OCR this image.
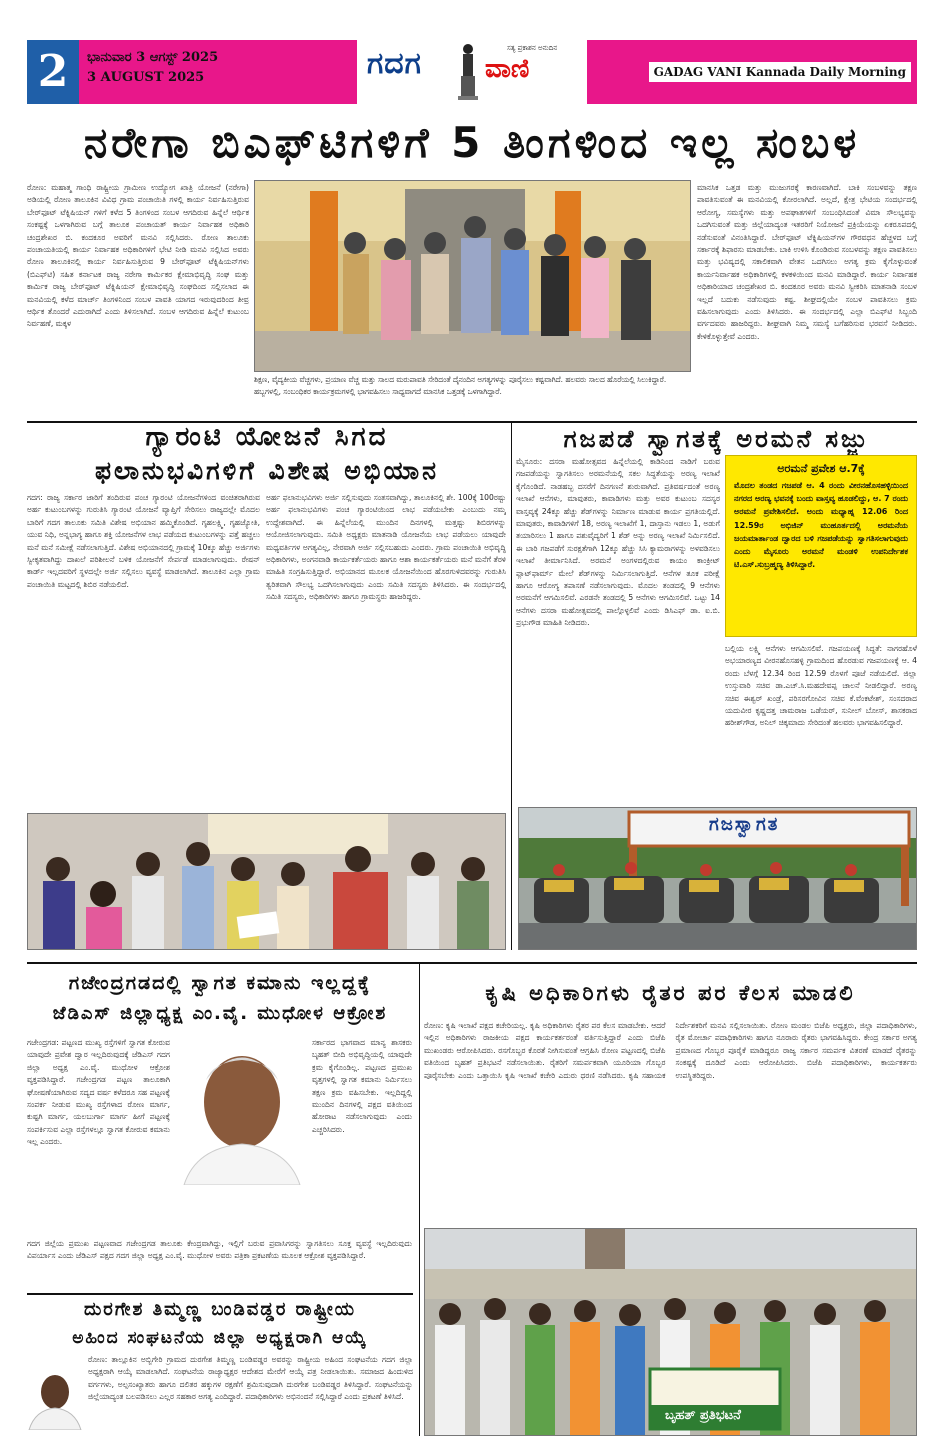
2	ಭಾನುವಾರ 3 ಆಗಸ್ಟ್ 2025
3 AUGUST 2025	ಗದಗ	ಸತ್ಯ ಪ್ರಕಾಶನ ಅನುದಿನ
ವಾಣಿ	GADAG VANI Kannada Daily Morning
ನರೇಗಾ ಬಿಎಫ್‌ಟಿಗಳಿಗೆ 5 ತಿಂಗಳಿಂದ ಇಲ್ಲ ಸಂಬಳ
ರೋಣ: ಮಹಾತ್ಮ ಗಾಂಧಿ ರಾಷ್ಟ್ರೀಯ ಗ್ರಾಮೀಣ ಉದ್ಯೋಗ ಖಾತ್ರಿ ಯೋಜನೆ (ನರೇಗಾ) ಅಡಿಯಲ್ಲಿ ರೋಣ ತಾಲೂಕಿನ ವಿವಿಧ ಗ್ರಾಮ ಪಂಚಾಯಿತಿ ಗಳಲ್ಲಿ ಕಾರ್ಯ ನಿರ್ವಹಿಸುತ್ತಿರುವ ಬೇರ್‌ಫೂಟ್ ಟೆಕ್ನಿಷಿಯನ್ ಗಳಿಗೆ ಕಳೆದ 5 ತಿಂಗಳಿಂದ ಸಂಬಳ ಆಗದಿರುವ ಹಿನ್ನೆಲೆ ಆರ್ಥಿಕ ಸಂಕಷ್ಟಕ್ಕೆ ಒಳಗಾಗಿರುವ ಬಗ್ಗೆ ತಾಲೂಕ ಪಂಚಾಯತ್ ಕಾರ್ಯ ನಿರ್ವಾಹಕ ಅಧಿಕಾರಿ ಚಂದ್ರಶೇಖರ ಬಿ. ಕಂದಕೂರ ಅವರಿಗೆ ಮನವಿ ಸಲ್ಲಿಸಿದರು. ರೋಣ ತಾಲೂಕು ಪಂಚಾಯತಿಯಲ್ಲಿ ಕಾರ್ಯ ನಿರ್ವಾಹಕ ಅಧಿಕಾರಿಗಳಿಗೆ ಭೇಟಿ ನೀಡಿ ಮನವಿ ಸಲ್ಲಿಸಿದ ಅವರು ರೋಣ ತಾಲೂಕಿನಲ್ಲಿ ಕಾರ್ಯ ನಿರ್ವಹಿಸುತ್ತಿರುವ 9 ಬೇರ್‌ಫೂಟ್ ಟೆಕ್ನಿಷಿಯನ್‌ಗಳು (ಬಿಎಫ್‌ಟಿ) ಸಹಿತ ಕರ್ನಾಟಕ ರಾಜ್ಯ ನರೇಗಾ ಕಾರ್ಮಿಕರ ಕ್ಷೇಮಾಭಿವೃದ್ಧಿ ಸಂಘ ಮತ್ತು ಕಾರ್ಮಿಕ ರಾಜ್ಯ ಬೇರ್‌ಫೂಟ್ ಟೆಕ್ನಿಷಿಯನ್ ಕ್ಷೇಮಾಭಿವೃದ್ಧಿ ಸಂಘದಿಂದ ಸಲ್ಲಿಸಲಾದ ಈ ಮನವಿಯಲ್ಲಿ ಕಳೆದ ಮಾರ್ಚ್ ತಿಂಗಳಿನಿಂದ ಸಂಬಳ ಪಾವತಿ ಯಾಗದ ಇರುವುದರಿಂದ ತೀವ್ರ ಆರ್ಥಿಕ ತೊಂದರೆ ಎದುರಾಗಿದೆ ಎಂದು ತಿಳಿಸಲಾಗಿದೆ. ಸಂಬಳ ಆಗದಿರುವ ಹಿನ್ನೆಲೆ ಕುಟುಂಬ ನಿರ್ವಹಣೆ, ಮಕ್ಕಳ
ಶಿಕ್ಷಣ, ವೈದ್ಯಕೀಯ ವೆಚ್ಚಗಳು, ಪ್ರಯಾಣ ವೆಚ್ಚ ಮತ್ತು ಸಾಲದ ಮರುಪಾವತಿ ಸೇರಿದಂತೆ ದೈನಂದಿನ ಅಗತ್ಯಗಳನ್ನು ಪೂರೈಸಲು ಕಷ್ಟವಾಗಿದೆ. ಹಲವರು ಸಾಲದ ಹೊರೆಯಲ್ಲಿ ಸಿಲುಕಿದ್ದಾರೆ. ಹಬ್ಬಗಳಲ್ಲಿ, ಸಂಬಂಧಿಕರ ಕಾರ್ಯಕ್ರಮಗಳಲ್ಲಿ ಭಾಗವಹಿಸಲು ಸಾಧ್ಯವಾಗದೆ ಮಾನಸಿಕ ಒತ್ತಡಕ್ಕೆ ಒಳಗಾಗಿದ್ದಾರೆ.
ಮಾನಸಿಕ ಒತ್ತಡ ಮತ್ತು ಮುಜುಗರಕ್ಕೆ ಕಾರಣವಾಗಿದೆ. ಬಾಕಿ ಸಂಬಳವನ್ನು ತಕ್ಷಣ ಪಾವತಿಸುವಂತೆ ಈ ಮನವಿಯಲ್ಲಿ ಕೋರಲಾಗಿದೆ. ಅಲ್ಲದೆ, ಕ್ಷೇತ್ರ ಭೇಟಿಯ ಸಂದರ್ಭದಲ್ಲಿ ಆರೋಗ್ಯ, ಸಮಸ್ಯೆಗಳು ಮತ್ತು ಅಪಘಾತಗಳಿಗೆ ಸಂಬಂಧಿಸಿದಂತೆ ವಿಮಾ ಸೌಲಭ್ಯವನ್ನು ಒದಗಿಸುವಂತೆ ಮತ್ತು ಜಿಲ್ಲೆಯಾದ್ಯಂತ ಇತರರಿಗೆ ನಿಯೋಜನೆ ಪ್ರಕ್ರಿಯೆಯನ್ನು ಏಕರೂಪದಲ್ಲಿ ನಡೆಸುವಂತೆ ವಿನಂತಿಸಿದ್ದಾರೆ. ಬೇರ್‌ಫೂಟ್ ಟೆಕ್ನಿಷಿಯನ್‌ಗಳ ಗೌರವಧನ ಹೆಚ್ಚಳದ ಬಗ್ಗೆ ಸರ್ಕಾರಕ್ಕೆ ಶಿಫಾರಸು ಮಾಡಬೇಕು. ಬಾಕಿ ಉಳಿಸಿ ಕೊಂಡಿರುವ ಸಂಬಳವನ್ನು ತಕ್ಷಣ ಪಾವತಿಸಲು ಮತ್ತು ಭವಿಷ್ಯದಲ್ಲಿ ಸಕಾಲಿಕವಾಗಿ ವೇತನ ಒದಗಿಸಲು ಅಗತ್ಯ ಕ್ರಮ ಕೈಗೊಳ್ಳುವಂತೆ ಕಾರ್ಯನಿರ್ವಾಹಕ ಅಧಿಕಾರಿಗಳಲ್ಲಿ ಕಳಕಳಿಯಿಂದ ಮನವಿ ಮಾಡಿದ್ದಾರೆ. ಕಾರ್ಯ ನಿರ್ವಾಹಕ ಅಧಿಕಾರಿಯಾದ ಚಂದ್ರಶೇಖರ ಬಿ. ಕಂದಕೂರ ಅವರು ಮನವಿ ಸ್ವೀಕರಿಸಿ ಮಾತನಾಡಿ ಸಂಬಳ ಇಲ್ಲದೆ ಬದುಕು ನಡೆಸುವುದು ಕಷ್ಟ. ಶೀಘ್ರದಲ್ಲಿಯೇ ಸಂಬಳ ಪಾವತಿಸಲು ಕ್ರಮ ವಹಿಸಲಾಗುವುದು ಎಂದು ತಿಳಿಸಿದರು. ಈ ಸಂದರ್ಭದಲ್ಲಿ ಎಲ್ಲಾ ಬಿಎಫ್‌ಟಿ ಸಿಬ್ಬಂದಿ ವರ್ಗದವರು ಹಾಜರಿದ್ದರು. ಶೀಘ್ರವಾಗಿ ನಿಮ್ಮ ಸಮಸ್ಯೆ ಬಗೆಹರಿಸುವ ಭರವಸೆ ನೀಡಿದರು. ಕೇಳಿಕೊಳ್ಳುತ್ತೇವೆ ಎಂದರು.
ಗ್ಯಾರಂಟಿ ಯೋಜನೆ ಸಿಗದ
ಫಲಾನುಭವಿಗಳಿಗೆ ವಿಶೇಷ ಅಭಿಯಾನ
ಗದಗ: ರಾಜ್ಯ ಸರ್ಕಾರ ಜಾರಿಗೆ ತಂದಿರುವ ಪಂಚ ಗ್ಯಾರಂಟಿ ಯೋಜನೆಗಳಿಂದ ವಂಚಿತರಾಗಿರುವ ಅರ್ಹ ಕುಟುಂಬಗಳನ್ನು ಗುರುತಿಸಿ ಗ್ಯಾರಂಟಿ ಯೋಜನೆ ವ್ಯಾಪ್ತಿಗೆ ಸೇರಿಸಲು ರಾಜ್ಯದಲ್ಲೇ ಮೊದಲ ಬಾರಿಗೆ ಗದಗ ತಾಲೂಕು ಸಮಿತಿ ವಿಶೇಷ ಅಭಿಯಾನ ಹಮ್ಮಿಕೊಂಡಿದೆ. ಗೃಹಲಕ್ಷ್ಮಿ, ಗೃಹಜ್ಯೋತಿ, ಯುವ ನಿಧಿ, ಅನ್ನಭಾಗ್ಯ ಹಾಗೂ ಶಕ್ತಿ ಯೋಜನೆಗಳ ಲಾಭ ಪಡೆಯದ ಕುಟುಂಬಗಳನ್ನು ಪತ್ತೆ ಹಚ್ಚಲು ಮನೆ ಮನೆ ಸಮೀಕ್ಷೆ ನಡೆಸಲಾಗುತ್ತಿದೆ. ವಿಶೇಷ ಅಭಿಯಾನದಲ್ಲಿ ಗ್ರಾಮಕ್ಕೆ 10ಕ್ಕೂ ಹೆಚ್ಚು ಅರ್ಜಿಗಳು ಸ್ವೀಕೃತವಾಗಿದ್ದು ದಾಖಲೆ ಪರಿಶೀಲನೆ ಬಳಿಕ ಯೋಜನೆಗೆ ಸೇರ್ಪಡೆ ಮಾಡಲಾಗುವುದು. ರೇಷನ್ ಕಾರ್ಡ್ ಇಲ್ಲದವರಿಗೆ ಸ್ಥಳದಲ್ಲೇ ಅರ್ಜಿ ಸಲ್ಲಿಸಲು ವ್ಯವಸ್ಥೆ ಮಾಡಲಾಗಿದೆ. ತಾಲೂಕಿನ ಎಲ್ಲಾ ಗ್ರಾಮ ಪಂಚಾಯಿತಿ ಮಟ್ಟದಲ್ಲಿ ಶಿಬಿರ ನಡೆಯಲಿದೆ.
ಅರ್ಹ ಫಲಾನುಭವಿಗಳು ಅರ್ಜಿ ಸಲ್ಲಿಸುವುದು ಸಂತಸವಾಗಿದ್ದು, ತಾಲೂಕಿನಲ್ಲಿ ಶೇ. 100ಕ್ಕೆ 100ರಷ್ಟು ಅರ್ಹ ಫಲಾನುಭವಿಗಳು ಪಂಚ ಗ್ಯಾರಂಟಿಯಿಂದ ಲಾಭ ಪಡೆಯಬೇಕು ಎಂಬುದು ನಮ್ಮ ಉದ್ದೇಶವಾಗಿದೆ. ಈ ಹಿನ್ನೆಲೆಯಲ್ಲಿ ಮುಂದಿನ ದಿನಗಳಲ್ಲಿ ಮತ್ತಷ್ಟು ಶಿಬಿರಗಳನ್ನು ಆಯೋಜಿಸಲಾಗುವುದು. ಸಮಿತಿ ಅಧ್ಯಕ್ಷರು ಮಾತನಾಡಿ ಯೋಜನೆಯ ಲಾಭ ಪಡೆಯಲು ಯಾವುದೇ ಮಧ್ಯವರ್ತಿಗಳ ಅಗತ್ಯವಿಲ್ಲ, ನೇರವಾಗಿ ಅರ್ಜಿ ಸಲ್ಲಿಸಬಹುದು ಎಂದರು. ಗ್ರಾಮ ಪಂಚಾಯಿತಿ ಅಭಿವೃದ್ಧಿ ಅಧಿಕಾರಿಗಳು, ಅಂಗನವಾಡಿ ಕಾರ್ಯಕರ್ತೆಯರು ಹಾಗೂ ಆಶಾ ಕಾರ್ಯಕರ್ತೆಯರು ಮನೆ ಮನೆಗೆ ತೆರಳಿ ಮಾಹಿತಿ ಸಂಗ್ರಹಿಸುತ್ತಿದ್ದಾರೆ. ಅಭಿಯಾನದ ಮೂಲಕ ಯೋಜನೆಯಿಂದ ಹೊರಗುಳಿದವರನ್ನು ಗುರುತಿಸಿ ತ್ವರಿತವಾಗಿ ಸೌಲಭ್ಯ ಒದಗಿಸಲಾಗುವುದು ಎಂದು ಸಮಿತಿ ಸದಸ್ಯರು ತಿಳಿಸಿದರು. ಈ ಸಂದರ್ಭದಲ್ಲಿ ಸಮಿತಿ ಸದಸ್ಯರು, ಅಧಿಕಾರಿಗಳು ಹಾಗೂ ಗ್ರಾಮಸ್ಥರು ಹಾಜರಿದ್ದರು.
ಗಜಪಡೆ ಸ್ವಾಗತಕ್ಕೆ ಅರಮನೆ ಸಜ್ಜು
ಮೈಸೂರು: ದಸರಾ ಮಹೋತ್ಸವದ ಹಿನ್ನೆಲೆಯಲ್ಲಿ ಕಾಡಿನಿಂದ ನಾಡಿಗೆ ಬರುವ ಗಜಪಡೆಯನ್ನು ಸ್ವಾಗತಿಸಲು ಅರಮನೆಯಲ್ಲಿ ಸಕಲ ಸಿದ್ಧತೆಯನ್ನು ಅರಣ್ಯ ಇಲಾಖೆ ಕೈಗೊಂಡಿದೆ. ನಾಡಹಬ್ಬ ದಸರೆಗೆ ದಿನಗಣನೆ ಶುರುವಾಗಿದೆ. ಪ್ರತಿವರ್ಷದಂತೆ ಅರಣ್ಯ ಇಲಾಖೆ ಆನೆಗಳು, ಮಾವುತರು, ಕಾವಾಡಿಗಳು ಮತ್ತು ಅವರ ಕುಟುಂಬ ಸದಸ್ಯರ ವಾಸ್ತವ್ಯಕ್ಕೆ 24ಕ್ಕೂ ಹೆಚ್ಚು ಶೆಡ್‌ಗಳನ್ನು ನಿರ್ಮಾಣ ಮಾಡುವ ಕಾರ್ಯ ಪ್ರಗತಿಯಲ್ಲಿದೆ. ಮಾವುತರು, ಕಾವಾಡಿಗಳಿಗೆ 18, ಅರಣ್ಯ ಇಲಾಖೆಗೆ 1, ದಾಸ್ತಾನು ಇಡಲು 1, ಅಡುಗೆ ತಯಾರಿಸಲು 1 ಹಾಗೂ ಪಶುವೈದ್ಯರಿಗೆ 1 ಶೆಡ್ ಅನ್ನು ಅರಣ್ಯ ಇಲಾಖೆ ನಿರ್ಮಿಸಲಿದೆ. ಈ ಬಾರಿ ಗಜಪಡೆಗೆ ಸುರಕ್ಷತೆಗಾಗಿ 12ಕ್ಕೂ ಹೆಚ್ಚು ಸಿಸಿ ಕ್ಯಾಮರಾಗಳನ್ನು ಅಳವಡಿಸಲು ಇಲಾಖೆ ತೀರ್ಮಾನಿಸಿದೆ. ಅರಮನೆ ಅಂಗಳದಲ್ಲಿರುವ ಕಾಯಂ ಕಾಂಕ್ರೀಟ್ ಪ್ಲಾಟ್‌ಫಾರ್ಮ್ ಮೇಲೆ ಶೆಡ್‌ಗಳನ್ನು ನಿರ್ಮಿಸಲಾಗುತ್ತಿದೆ. ಆನೆಗಳ ತೂಕ ಪರೀಕ್ಷೆ ಹಾಗೂ ಆರೋಗ್ಯ ತಪಾಸಣೆ ನಡೆಸಲಾಗುವುದು. ಮೊದಲ ತಂಡದಲ್ಲಿ 9 ಆನೆಗಳು ಅರಮನೆಗೆ ಆಗಮಿಸಲಿವೆ. ಎರಡನೇ ತಂಡದಲ್ಲಿ 5 ಆನೆಗಳು ಆಗಮಿಸಲಿವೆ. ಒಟ್ಟು 14 ಆನೆಗಳು ದಸರಾ ಮಹೋತ್ಸವದಲ್ಲಿ ಪಾಲ್ಗೊಳ್ಳಲಿವೆ ಎಂದು ಡಿಸಿಎಫ್ ಡಾ. ಐ.ಬಿ. ಪ್ರಭುಗೌಡ ಮಾಹಿತಿ ನೀಡಿದರು.
ಅರಮನೆ ಪ್ರವೇಶ ಆ.7ಕ್ಕೆ
ಮೊದಲ ತಂಡದ ಗಜಪಡೆ ಆ. 4 ರಂದು ವೀರನಹೊಸಹಳ್ಳಿಯಿಂದ ನಗರದ ಅರಣ್ಯ ಭವನಕ್ಕೆ ಬಂದು ವಾಸ್ತವ್ಯ ಹೂಡಲಿದ್ದು, ಆ. 7 ರಂದು ಅರಮನೆ ಪ್ರವೇಶಿಸಲಿದೆ. ಅಂದು ಮಧ್ಯಾಹ್ನ 12.06 ರಿಂದ 12.59ರ ಅಭಿಜಿನ್ ಮುಹೂರ್ತದಲ್ಲಿ ಅರಮನೆಯ ಜಯಮಾರ್ತಾಂಡ ದ್ವಾರದ ಬಳಿ ಗಜಪಡೆಯನ್ನು ಸ್ವಾಗತಿಸಲಾಗುವುದು ಎಂದು ಮೈಸೂರು ಅರಮನೆ ಮಂಡಳಿ ಉಪನಿರ್ದೇಶಕ ಟಿ.ಎಸ್.ಸುಬ್ರಹ್ಮಣ್ಯ ತಿಳಿಸಿದ್ದಾರೆ.
ಬಲ್ಲಿಯ ಲಕ್ಷ್ಮಿ ಆನೆಗಳು ಆಗಮಿಸಲಿವೆ. ಗಜಪಯಣಕ್ಕೆ ಸಿದ್ಧತೆ: ನಾಗರಹೊಳೆ ಅಭಯಾರಣ್ಯದ ವೀರನಹೊಸಹಳ್ಳಿ ಗ್ರಾಮದಿಂದ ಹೊರಡುವ ಗಜಪಯಣಕ್ಕೆ ಆ. 4 ರಂದು ಬೆಳಗ್ಗೆ 12.34 ರಿಂದ 12.59 ರೊಳಗೆ ಪೂಜೆ ನಡೆಯಲಿದೆ. ಜಿಲ್ಲಾ ಉಸ್ತುವಾರಿ ಸಚಿವ ಡಾ.ಎಚ್.ಸಿ.ಮಹದೇವಪ್ಪ ಚಾಲನೆ ನೀಡಲಿದ್ದಾರೆ. ಅರಣ್ಯ ಸಚಿವ ಈಶ್ವರ್ ಖಂಡ್ರೆ, ಪರಿಸರಗೋವಿನ ಸಚಿವ ಕೆ.ವೆಂಕಟೇಶ್, ಸಂಸದರಾದ ಯದುವೀರ ಕೃಷ್ಣದತ್ತ ಚಾಮರಾಜ ಒಡೆಯರ್, ಸುನೀಲ್ ಬೋಸ್, ಶಾಸಕರಾದ ಹರೀಶ್‌ಗೌಡ, ಅನಿಲ್ ಚಿಕ್ಕಮಾದು ಸೇರಿದಂತೆ ಹಲವರು ಭಾಗವಹಿಸಲಿದ್ದಾರೆ.
ಗಜಸ್ವಾಗತ
ಗಜೇಂದ್ರಗಡದಲ್ಲಿ ಸ್ವಾಗತ ಕಮಾನು ಇಲ್ಲದ್ದಕ್ಕೆ
ಜೆಡಿಎಸ್ ಜಿಲ್ಲಾಧ್ಯಕ್ಷ ಎಂ.ವೈ. ಮುಧೋಳ ಆಕ್ರೋಶ
ಗಜೇಂದ್ರಗಡ: ಪಟ್ಟಣದ ಮುಖ್ಯ ರಸ್ತೆಗಳಿಗೆ ಸ್ವಾಗತ ಕೋರುವ ಯಾವುದೇ ಪ್ರವೇಶ ದ್ವಾರ ಇಲ್ಲದಿರುವುದಕ್ಕೆ ಜೆಡಿಎಸ್ ಗದಗ ಜಿಲ್ಲಾ ಅಧ್ಯಕ್ಷ ಎಂ.ವೈ. ಮುಧೋಳ ಆಕ್ರೋಶ ವ್ಯಕ್ತಪಡಿಸಿದ್ದಾರೆ. ಗಜೇಂದ್ರಗಡ ಪಟ್ಟಣ ತಾಲೂಕಾಗಿ ಘೋಷಣೆಯಾಗಿರುವ ಸದ್ಯದ ವರ್ಷ ಕಳೆದರೂ ಸಹ ಪಟ್ಟಣಕ್ಕೆ ಸಂಪರ್ಕ ನೀಡುವ ಮುಖ್ಯ ರಸ್ತೆಗಳಾದ ರೋಣ ಮಾರ್ಗ, ಕುಷ್ಟಗಿ ಮಾರ್ಗ, ಯಲಬುರ್ಗಾ ಮಾರ್ಗ ಹೀಗೆ ಪಟ್ಟಣಕ್ಕೆ ಸಂಪರ್ಕಿಸುವ ಎಲ್ಲಾ ರಸ್ತೆಗಳಲ್ಲೂ ಸ್ವಾಗತ ಕೋರುವ ಕಮಾನು ಇಲ್ಲ ಎಂದರು.
ಸರ್ಕಾರದ ಭಾಗವಾದ ಮಾನ್ಯ ಶಾಸಕರು ಬೃಹತ್ ಬೀದಿ ಅಭಿವೃದ್ಧಿಯಲ್ಲಿ ಯಾವುದೇ ಕ್ರಮ ಕೈಗೊಂಡಿಲ್ಲ. ಪಟ್ಟಣದ ಪ್ರಮುಖ ವೃತ್ತಗಳಲ್ಲಿ ಸ್ವಾಗತ ಕಮಾನು ನಿರ್ಮಿಸಲು ತಕ್ಷಣ ಕ್ರಮ ವಹಿಸಬೇಕು. ಇಲ್ಲದಿದ್ದಲ್ಲಿ ಮುಂದಿನ ದಿನಗಳಲ್ಲಿ ಪಕ್ಷದ ವತಿಯಿಂದ ಹೋರಾಟ ನಡೆಸಲಾಗುವುದು ಎಂದು ಎಚ್ಚರಿಸಿದರು.
ಗದಗ ಜಿಲ್ಲೆಯ ಪ್ರಮುಖ ಪಟ್ಟಣವಾದ ಗಜೇಂದ್ರಗಡ ತಾಲೂಕು ಕೇಂದ್ರವಾಗಿದ್ದು, ಇಲ್ಲಿಗೆ ಬರುವ ಪ್ರವಾಸಿಗರನ್ನು ಸ್ವಾಗತಿಸಲು ಸೂಕ್ತ ವ್ಯವಸ್ಥೆ ಇಲ್ಲದಿರುವುದು ವಿಪರ್ಯಾಸ ಎಂದು ಜೆಡಿಎಸ್ ಪಕ್ಷದ ಗದಗ ಜಿಲ್ಲಾ ಅಧ್ಯಕ್ಷ ಎಂ.ವೈ. ಮುಧೋಳ ಅವರು ಪತ್ರಿಕಾ ಪ್ರಕಟಣೆಯ ಮೂಲಕ ಆಕ್ರೋಶ ವ್ಯಕ್ತಪಡಿಸಿದ್ದಾರೆ.
ದುರಗೇಶ ತಿಮ್ಮಣ್ಣ ಬಂಡಿವಡ್ಡರ ರಾಷ್ಟ್ರೀಯ
ಅಹಿಂದ ಸಂಘಟನೆಯ ಜಿಲ್ಲಾ ಅಧ್ಯಕ್ಷರಾಗಿ ಆಯ್ಕೆ
ರೋಣ: ತಾಲ್ಲೂಕಿನ ಅಬ್ಬಿಗೇರಿ ಗ್ರಾಮದ ದುರಗೇಶ ತಿಮ್ಮಣ್ಣ ಬಂಡಿವಡ್ಡರ ಅವರನ್ನು ರಾಷ್ಟ್ರೀಯ ಅಹಿಂದ ಸಂಘಟನೆಯ ಗದಗ ಜಿಲ್ಲಾ ಅಧ್ಯಕ್ಷರಾಗಿ ಆಯ್ಕೆ ಮಾಡಲಾಗಿದೆ. ಸಂಘಟನೆಯ ರಾಜ್ಯಾಧ್ಯಕ್ಷರ ಆದೇಶದ ಮೇರೆಗೆ ಆಯ್ಕೆ ಪತ್ರ ನೀಡಲಾಯಿತು. ಸಮಾಜದ ಹಿಂದುಳಿದ ವರ್ಗಗಳು, ಅಲ್ಪಸಂಖ್ಯಾತರು ಹಾಗೂ ದಲಿತರ ಹಕ್ಕುಗಳ ರಕ್ಷಣೆಗೆ ಶ್ರಮಿಸುವುದಾಗಿ ದುರಗೇಶ ಬಂಡಿವಡ್ಡರ ತಿಳಿಸಿದ್ದಾರೆ. ಸಂಘಟನೆಯನ್ನು ಜಿಲ್ಲೆಯಾದ್ಯಂತ ಬಲಪಡಿಸಲು ಎಲ್ಲರ ಸಹಕಾರ ಅಗತ್ಯ ಎಂದಿದ್ದಾರೆ. ಪದಾಧಿಕಾರಿಗಳು ಅಭಿನಂದನೆ ಸಲ್ಲಿಸಿದ್ದಾರೆ ಎಂದು ಪ್ರಕಟಣೆ ತಿಳಿಸಿದೆ.
ಕೃಷಿ ಅಧಿಕಾರಿಗಳು ರೈತರ ಪರ ಕೆಲಸ ಮಾಡಲಿ
ರೋಣ: ಕೃಷಿ ಇಲಾಖೆ ಪಕ್ಷದ ಕಚೇರಿಯಲ್ಲ. ಕೃಷಿ ಅಧಿಕಾರಿಗಳು ರೈತರ ಪರ ಕೆಲಸ ಮಾಡಬೇಕು. ಆದರೆ ಇಲ್ಲಿನ ಅಧಿಕಾರಿಗಳು ರಾಜಕೀಯ ಪಕ್ಷದ ಕಾರ್ಯಕರ್ತರಂತೆ ವರ್ತಿಸುತ್ತಿದ್ದಾರೆ ಎಂದು ಬಿಜೆಪಿ ಮುಖಂಡರು ಆರೋಪಿಸಿದರು. ರಸಗೊಬ್ಬರ ಕೊರತೆ ನೀಗಿಸುವಂತೆ ಆಗ್ರಹಿಸಿ ರೋಣ ಪಟ್ಟಣದಲ್ಲಿ ಬಿಜೆಪಿ ವತಿಯಿಂದ ಬೃಹತ್ ಪ್ರತಿಭಟನೆ ನಡೆಸಲಾಯಿತು. ರೈತರಿಗೆ ಸಮರ್ಪಕವಾಗಿ ಯೂರಿಯಾ ಗೊಬ್ಬರ ಪೂರೈಸಬೇಕು ಎಂದು ಒತ್ತಾಯಿಸಿ ಕೃಷಿ ಇಲಾಖೆ ಕಚೇರಿ ಎದುರು ಧರಣಿ ನಡೆಸಿದರು. ಕೃಷಿ ಸಹಾಯಕ ನಿರ್ದೇಶಕರಿಗೆ ಮನವಿ ಸಲ್ಲಿಸಲಾಯಿತು. ರೋಣ ಮಂಡಲ ಬಿಜೆಪಿ ಅಧ್ಯಕ್ಷರು, ಜಿಲ್ಲಾ ಪದಾಧಿಕಾರಿಗಳು, ರೈತ ಮೋರ್ಚಾ ಪದಾಧಿಕಾರಿಗಳು ಹಾಗೂ ನೂರಾರು ರೈತರು ಭಾಗವಹಿಸಿದ್ದರು. ಕೇಂದ್ರ ಸರ್ಕಾರ ಅಗತ್ಯ ಪ್ರಮಾಣದ ಗೊಬ್ಬರ ಪೂರೈಕೆ ಮಾಡಿದ್ದರೂ ರಾಜ್ಯ ಸರ್ಕಾರ ಸಮರ್ಪಕ ವಿತರಣೆ ಮಾಡದೆ ರೈತರನ್ನು ಸಂಕಷ್ಟಕ್ಕೆ ದೂಡಿದೆ ಎಂದು ಆರೋಪಿಸಿದರು. ಬಿಜೆಪಿ ಪದಾಧಿಕಾರಿಗಳು, ಕಾರ್ಯಕರ್ತರು ಉಪಸ್ಥಿತರಿದ್ದರು.
ಬೃಹತ್ ಪ್ರತಿಭಟನೆ
